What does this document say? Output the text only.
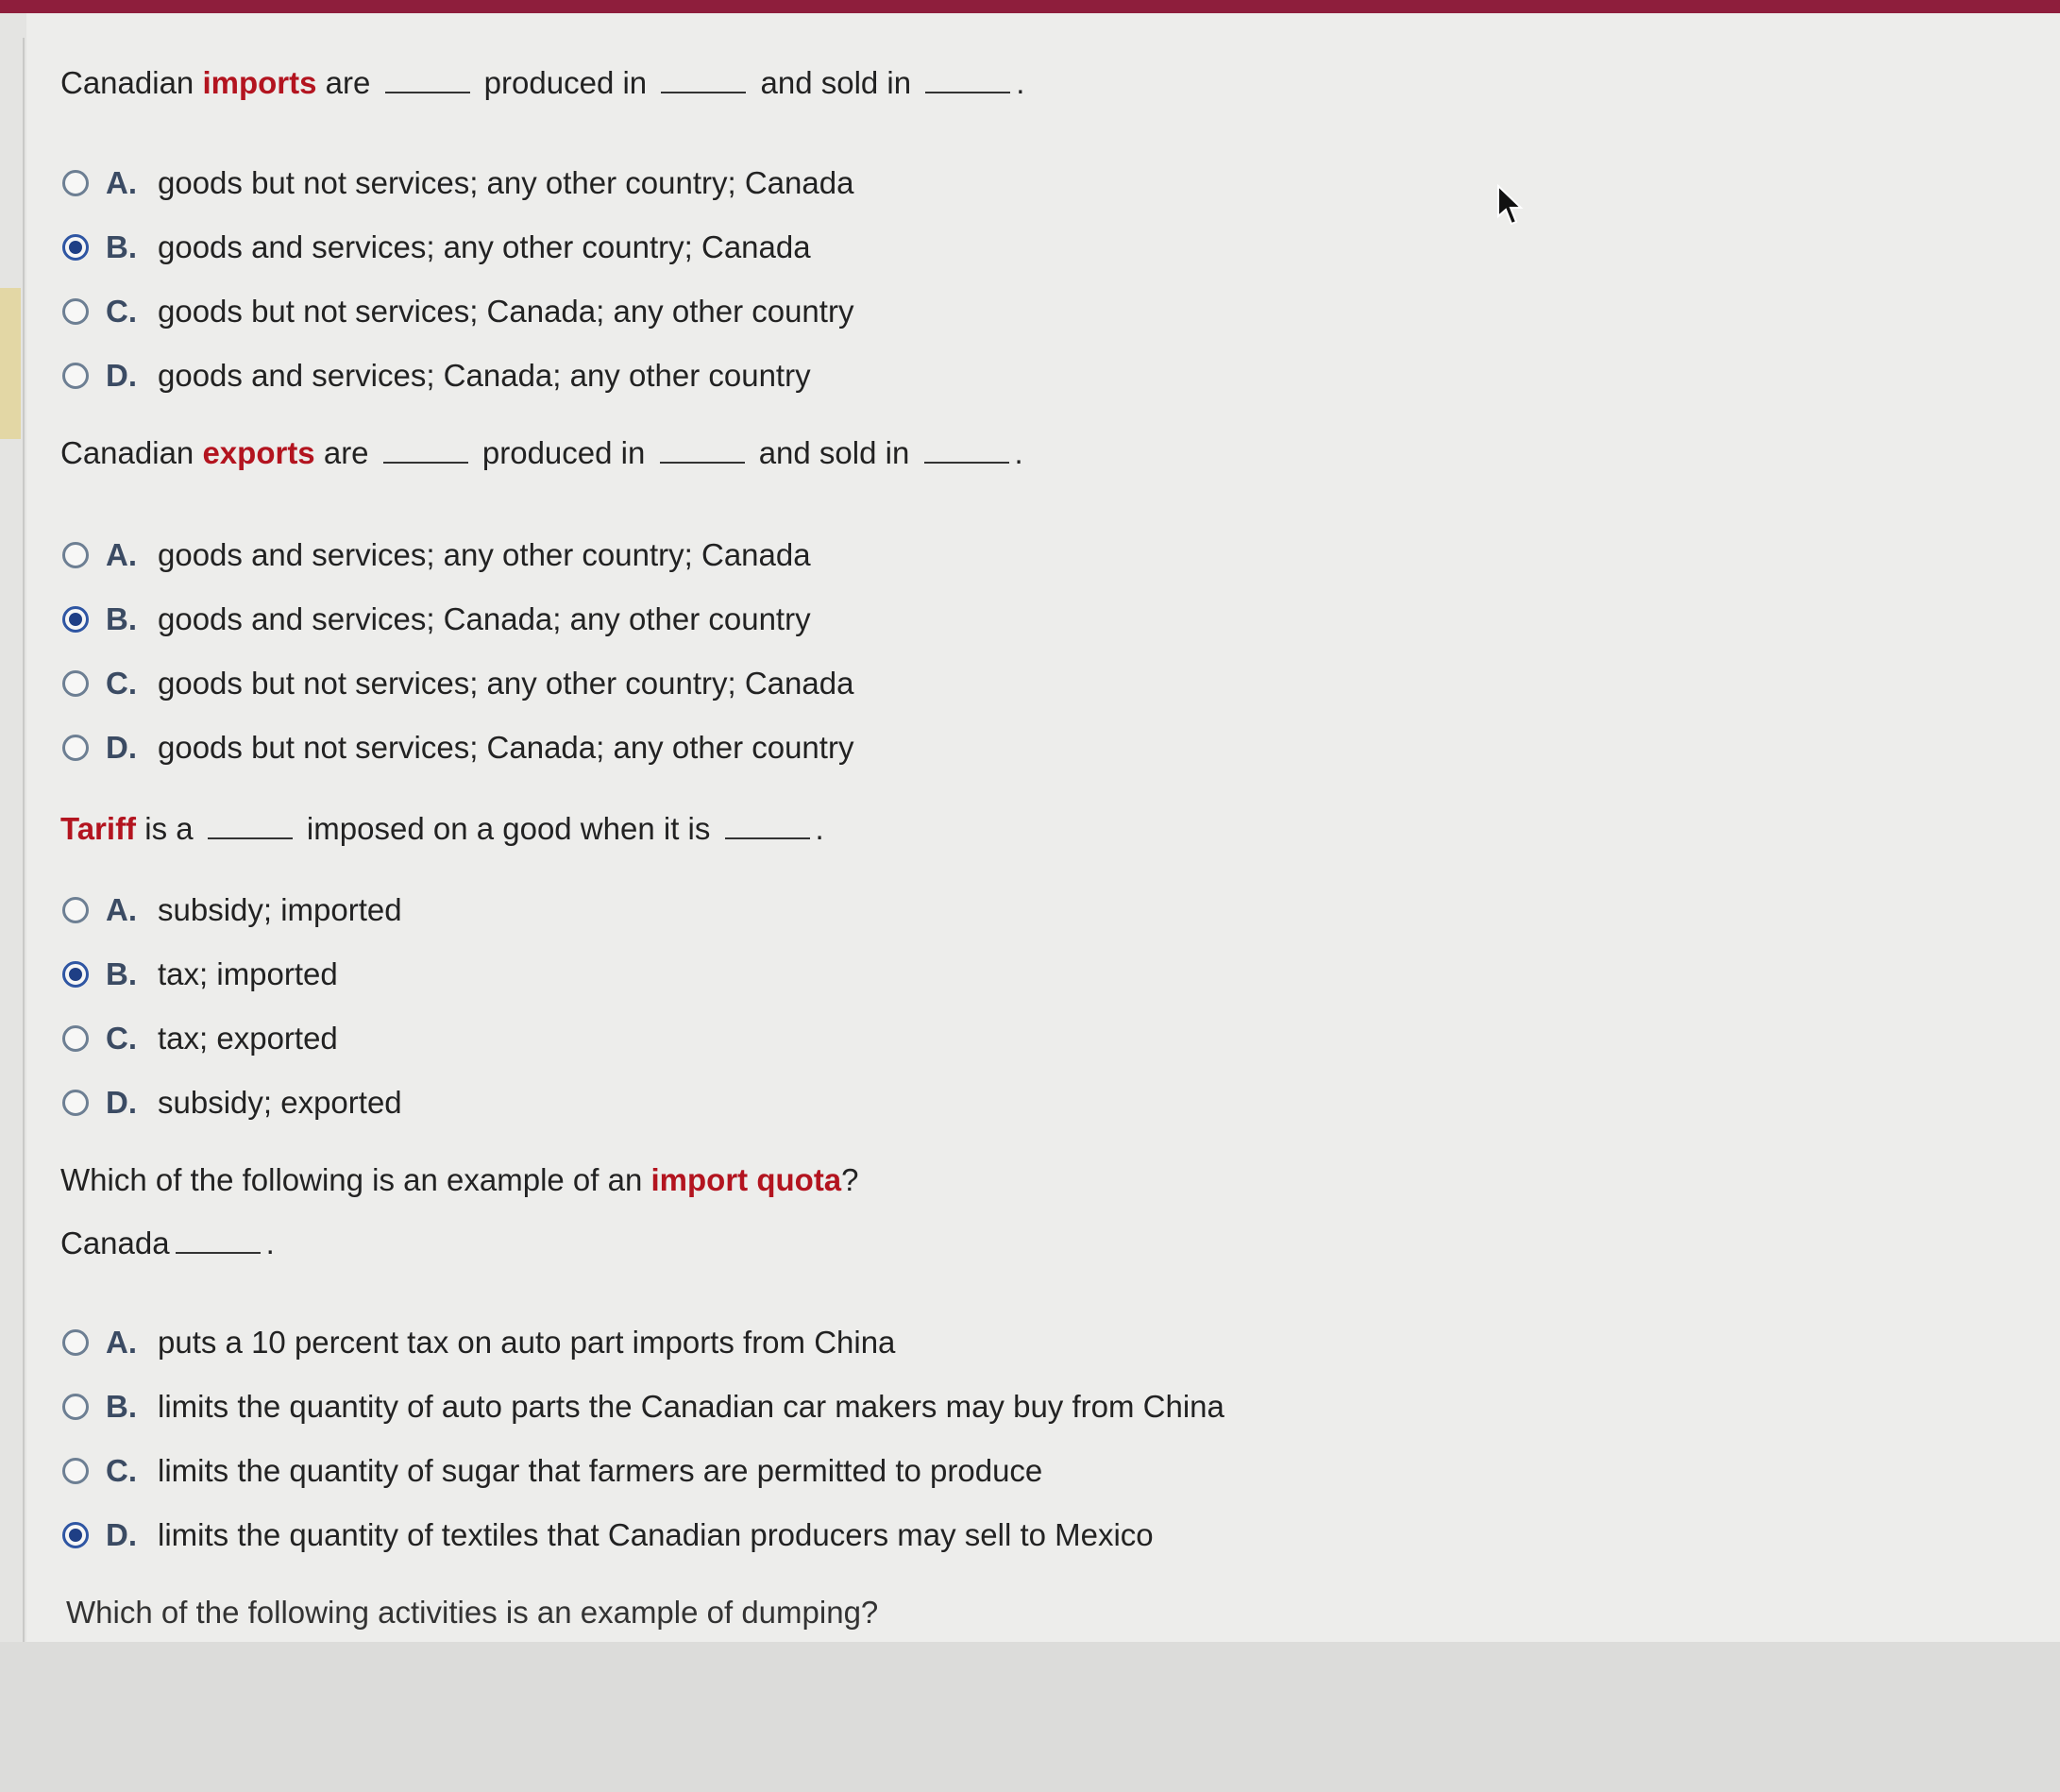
Canadian imports are	produced in	and sold in	.
A. goods but not services; any other country; Canada
B. goods and services; any other country; Canada
C. goods but not services; Canada; any other country
D. goods and services; Canada; any other country
Canadian exports are	produced in	and sold in	.
A. goods and services; any other country; Canada
B. goods and services; Canada; any other country
C. goods but not services; any other country; Canada
D. goods but not services; Canada; any other country
Tariff is a	imposed on a good when it is	.
A. subsidy; imported
B. tax; imported
C. tax; exported
D. subsidy; exported
Which of the following is an example of an import quota?
Canada	.
A. puts a 10 percent tax on auto part imports from China
B. limits the quantity of auto parts the Canadian car makers may buy from China
C. limits the quantity of sugar that farmers are permitted to produce
D. limits the quantity of textiles that Canadian producers may sell to Mexico
